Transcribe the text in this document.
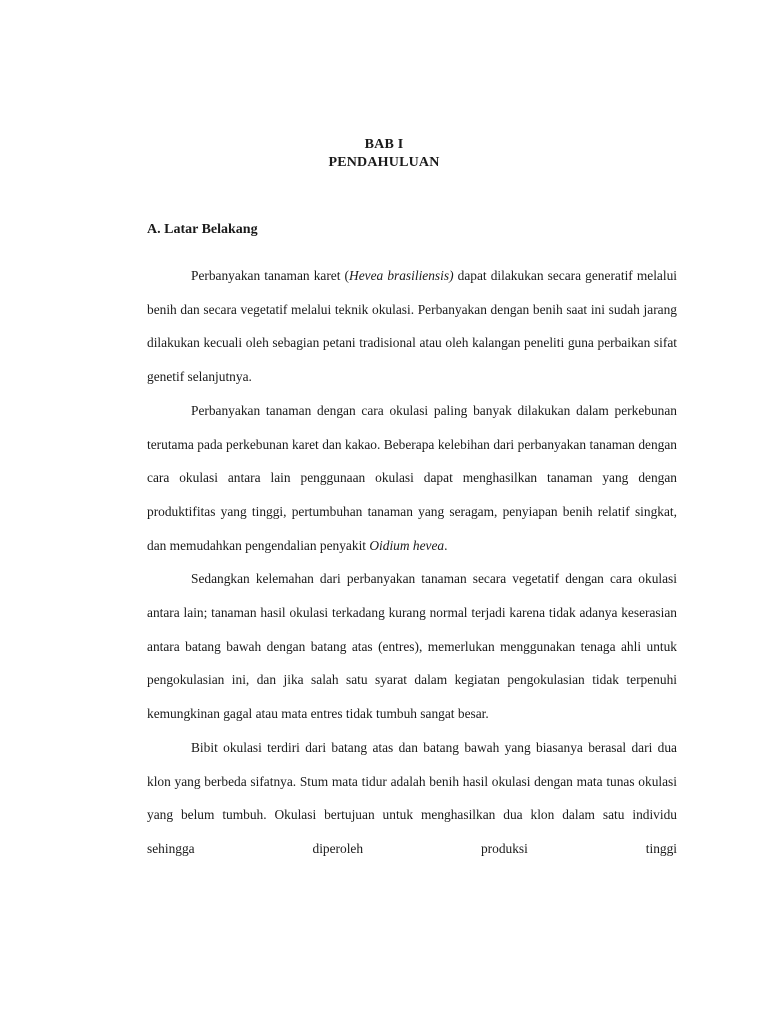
BAB I
PENDAHULUAN
A. Latar Belakang

Perbanyakan tanaman karet (Hevea brasiliensis) dapat dilakukan secara generatif melalui benih dan secara vegetatif melalui teknik okulasi. Perbanyakan dengan benih saat ini sudah jarang dilakukan kecuali oleh sebagian petani tradisional atau oleh kalangan peneliti guna perbaikan sifat genetif selanjutnya.

Perbanyakan tanaman dengan cara okulasi paling banyak dilakukan dalam perkebunan terutama pada perkebunan karet dan kakao. Beberapa kelebihan dari perbanyakan tanaman dengan cara okulasi antara lain penggunaan okulasi dapat menghasilkan tanaman yang dengan produktifitas yang tinggi, pertumbuhan tanaman yang seragam, penyiapan benih relatif singkat, dan memudahkan pengendalian penyakit Oidium hevea.

Sedangkan kelemahan dari perbanyakan tanaman secara vegetatif dengan cara okulasi antara lain; tanaman hasil okulasi terkadang kurang normal terjadi karena tidak adanya keserasian antara batang bawah dengan batang atas (entres), memerlukan menggunakan tenaga ahli untuk pengokulasian ini, dan jika salah satu syarat dalam kegiatan pengokulasian tidak terpenuhi kemungkinan gagal atau mata entres tidak tumbuh sangat besar.

Bibit okulasi terdiri dari batang atas dan batang bawah yang biasanya berasal dari dua klon yang berbeda sifatnya. Stum mata tidur adalah benih hasil okulasi dengan mata tunas okulasi yang belum tumbuh. Okulasi bertujuan untuk menghasilkan dua klon dalam satu individu sehingga diperoleh produksi tinggi
